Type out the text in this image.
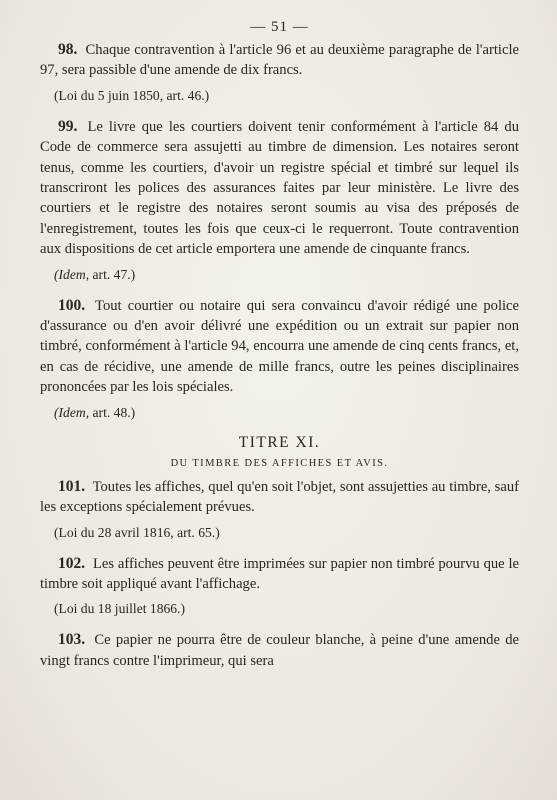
— 51 —

98. Chaque contravention à l'article 96 et au deuxième paragraphe de l'article 97, sera passible d'une amende de dix francs.

(Loi du 5 juin 1850, art. 46.)

99. Le livre que les courtiers doivent tenir conformément à l'article 84 du Code de commerce sera assujetti au timbre de dimension. Les notaires seront tenus, comme les courtiers, d'avoir un registre spécial et timbré sur lequel ils transcriront les polices des assurances faites par leur ministère. Le livre des courtiers et le registre des notaires seront soumis au visa des préposés de l'enregistrement, toutes les fois que ceux-ci le requerront. Toute contravention aux dispositions de cet article emportera une amende de cinquante francs.

(Idem, art. 47.)

100. Tout courtier ou notaire qui sera convaincu d'avoir rédigé une police d'assurance ou d'en avoir délivré une expédition ou un extrait sur papier non timbré, conformément à l'article 94, encourra une amende de cinq cents francs, et, en cas de récidive, une amende de mille francs, outre les peines disciplinaires prononcées par les lois spéciales.

(Idem, art. 48.)
TITRE XI.
DU TIMBRE DES AFFICHES ET AVIS.

101. Toutes les affiches, quel qu'en soit l'objet, sont assujetties au timbre, sauf les exceptions spécialement prévues.

(Loi du 28 avril 1816, art. 65.)

102. Les affiches peuvent être imprimées sur papier non timbré pourvu que le timbre soit appliqué avant l'affichage.

(Loi du 18 juillet 1866.)

103. Ce papier ne pourra être de couleur blanche, à peine d'une amende de vingt francs contre l'imprimeur, qui sera
